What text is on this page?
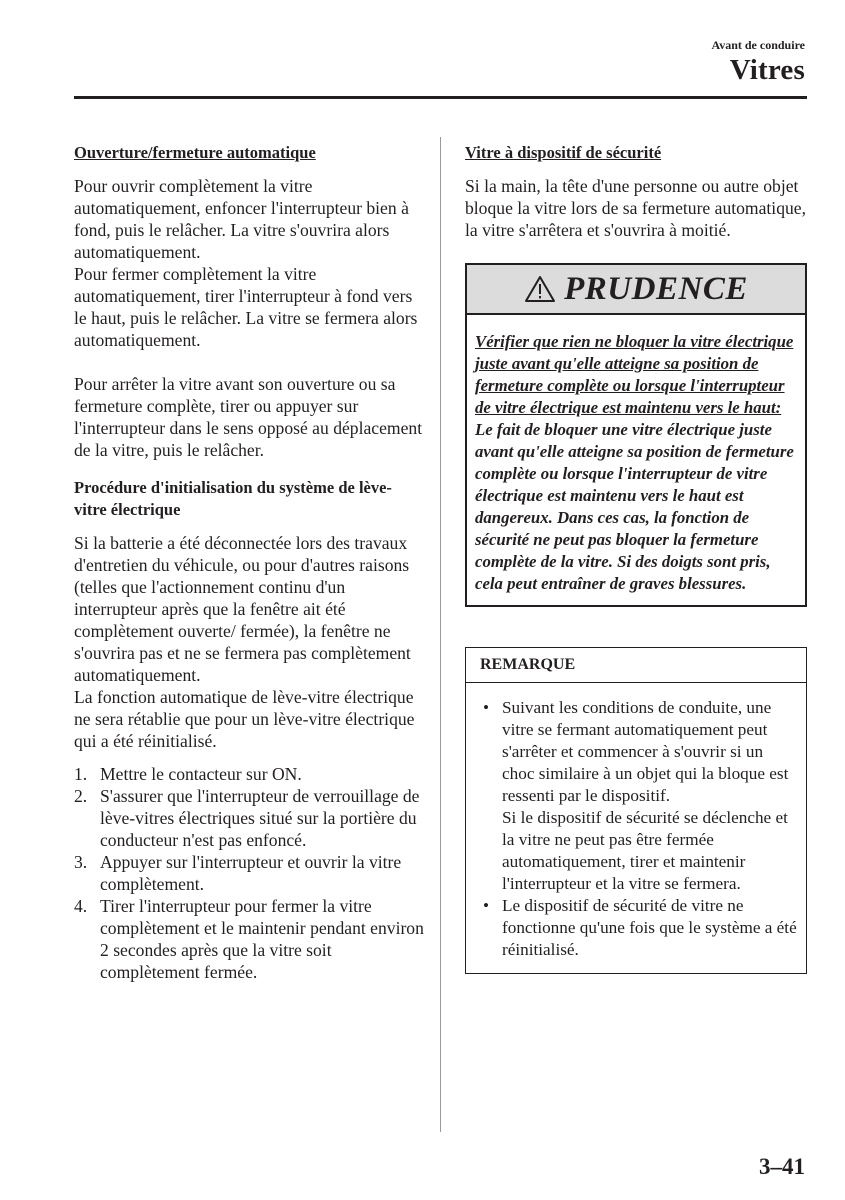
Avant de conduire
Vitres
Ouverture/fermeture automatique

Pour ouvrir complètement la vitre automatiquement, enfoncer l'interrupteur bien à fond, puis le relâcher. La vitre s'ouvrira alors automatiquement.

Pour fermer complètement la vitre automatiquement, tirer l'interrupteur à fond vers le haut, puis le relâcher. La vitre se fermera alors automatiquement.

Pour arrêter la vitre avant son ouverture ou sa fermeture complète, tirer ou appuyer sur l'interrupteur dans le sens opposé au déplacement de la vitre, puis le relâcher.

Procédure d'initialisation du système de lève-vitre électrique

Si la batterie a été déconnectée lors des travaux d'entretien du véhicule, ou pour d'autres raisons (telles que l'actionnement continu d'un interrupteur après que la fenêtre ait été complètement ouverte/ fermée), la fenêtre ne s'ouvrira pas et ne se fermera pas complètement automatiquement.

La fonction automatique de lève-vitre électrique ne sera rétablie que pour un lève-vitre électrique qui a été réinitialisé.

1. Mettre le contacteur sur ON.
2. S'assurer que l'interrupteur de verrouillage de lève-vitres électriques situé sur la portière du conducteur n'est pas enfoncé.
3. Appuyer sur l'interrupteur et ouvrir la vitre complètement.
4. Tirer l'interrupteur pour fermer la vitre complètement et le maintenir pendant environ 2 secondes après que la vitre soit complètement fermée.
Vitre à dispositif de sécurité

Si la main, la tête d'une personne ou autre objet bloque la vitre lors de sa fermeture automatique, la vitre s'arrêtera et s'ouvrira à moitié.

PRUDENCE
Vérifier que rien ne bloquer la vitre électrique juste avant qu'elle atteigne sa position de fermeture complète ou lorsque l'interrupteur de vitre électrique est maintenu vers le haut:
Le fait de bloquer une vitre électrique juste avant qu'elle atteigne sa position de fermeture complète ou lorsque l'interrupteur de vitre électrique est maintenu vers le haut est dangereux. Dans ces cas, la fonction de sécurité ne peut pas bloquer la fermeture complète de la vitre. Si des doigts sont pris, cela peut entraîner de graves blessures.
REMARQUE
• Suivant les conditions de conduite, une vitre se fermant automatiquement peut s'arrêter et commencer à s'ouvrir si un choc similaire à un objet qui la bloque est ressenti par le dispositif.
Si le dispositif de sécurité se déclenche et la vitre ne peut pas être fermée automatiquement, tirer et maintenir l'interrupteur et la vitre se fermera.
• Le dispositif de sécurité de vitre ne fonctionne qu'une fois que le système a été réinitialisé.
3–41
